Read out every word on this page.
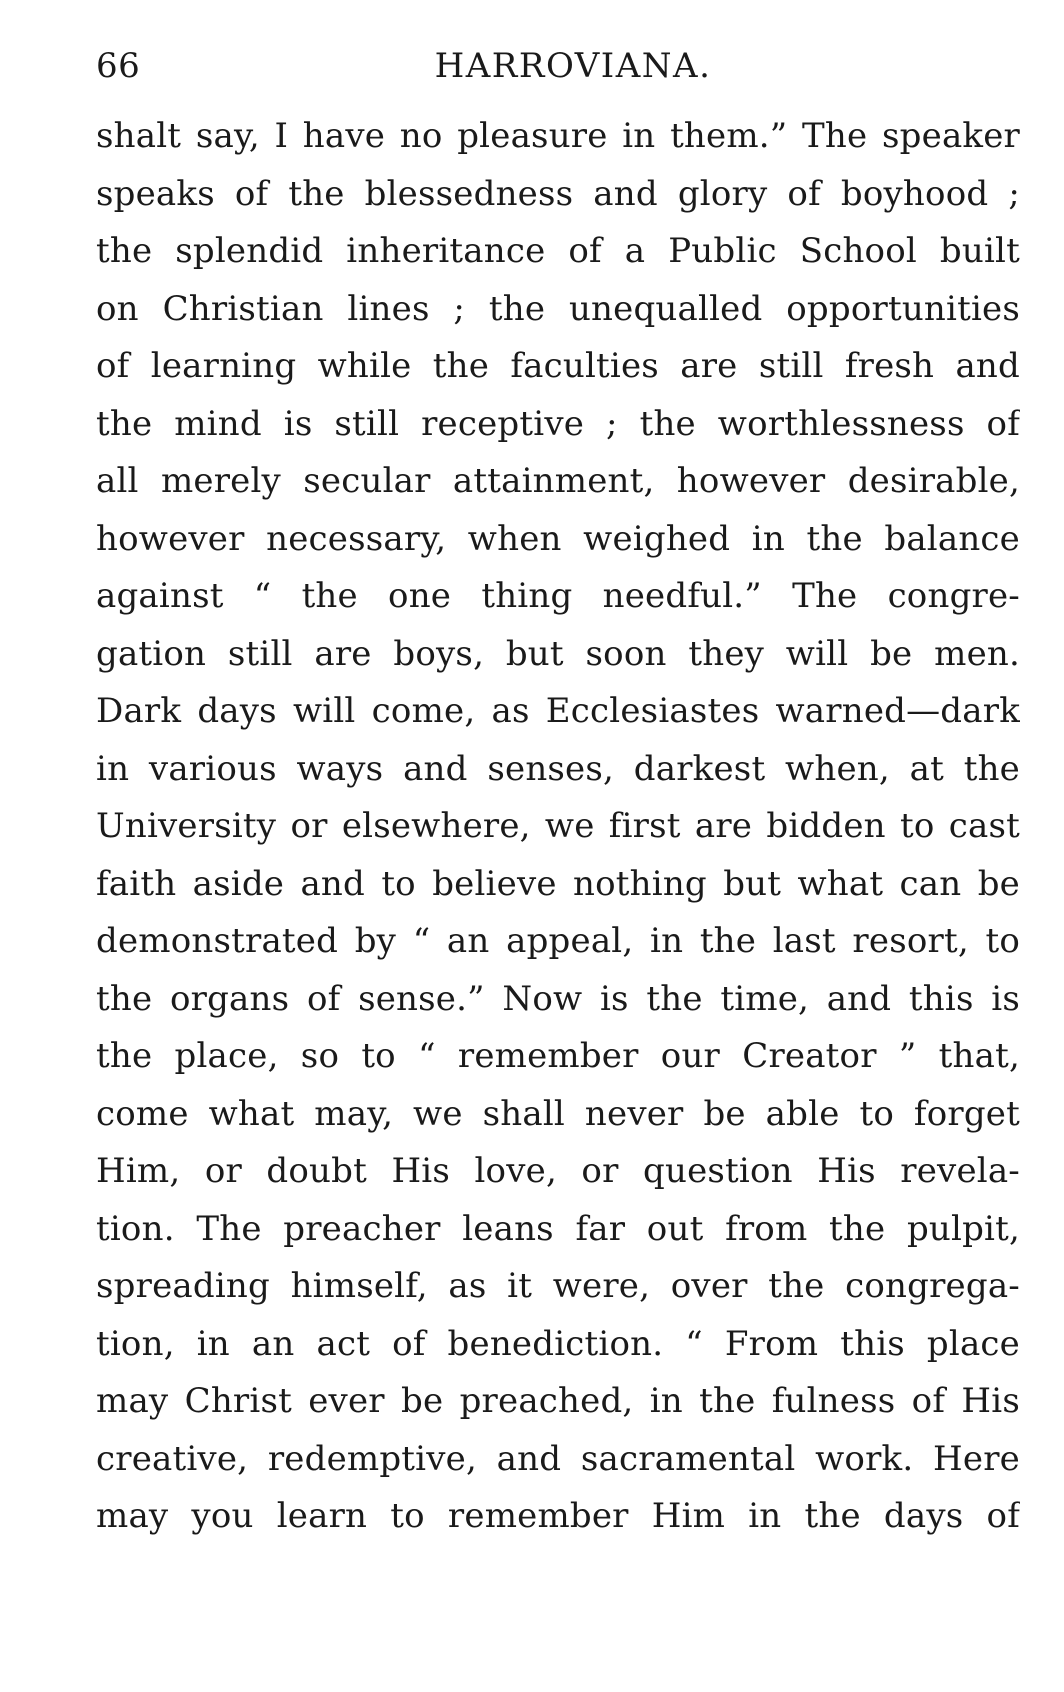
66	HARROVIANA.
shalt say, I have no pleasure in them.” The speaker
speaks of the blessedness and glory of boyhood ;
the splendid inheritance of a Public School built
on Christian lines ; the unequalled opportunities
of learning while the faculties are still fresh and
the mind is still receptive ; the worthlessness of
all merely secular attainment, however desirable,
however necessary, when weighed in the balance
against “ the one thing needful.” The congre-
gation still are boys, but soon they will be men.
Dark days will come, as Ecclesiastes warned—dark
in various ways and senses, darkest when, at the
University or elsewhere, we first are bidden to cast
faith aside and to believe nothing but what can be
demonstrated by “ an appeal, in the last resort, to
the organs of sense.” Now is the time, and this is
the place, so to “ remember our Creator ” that,
come what may, we shall never be able to forget
Him, or doubt His love, or question His revela-
tion. The preacher leans far out from the pulpit,
spreading himself, as it were, over the congrega-
tion, in an act of benediction. “ From this place
may Christ ever be preached, in the fulness of His
creative, redemptive, and sacramental work. Here
may you learn to remember Him in the days of
